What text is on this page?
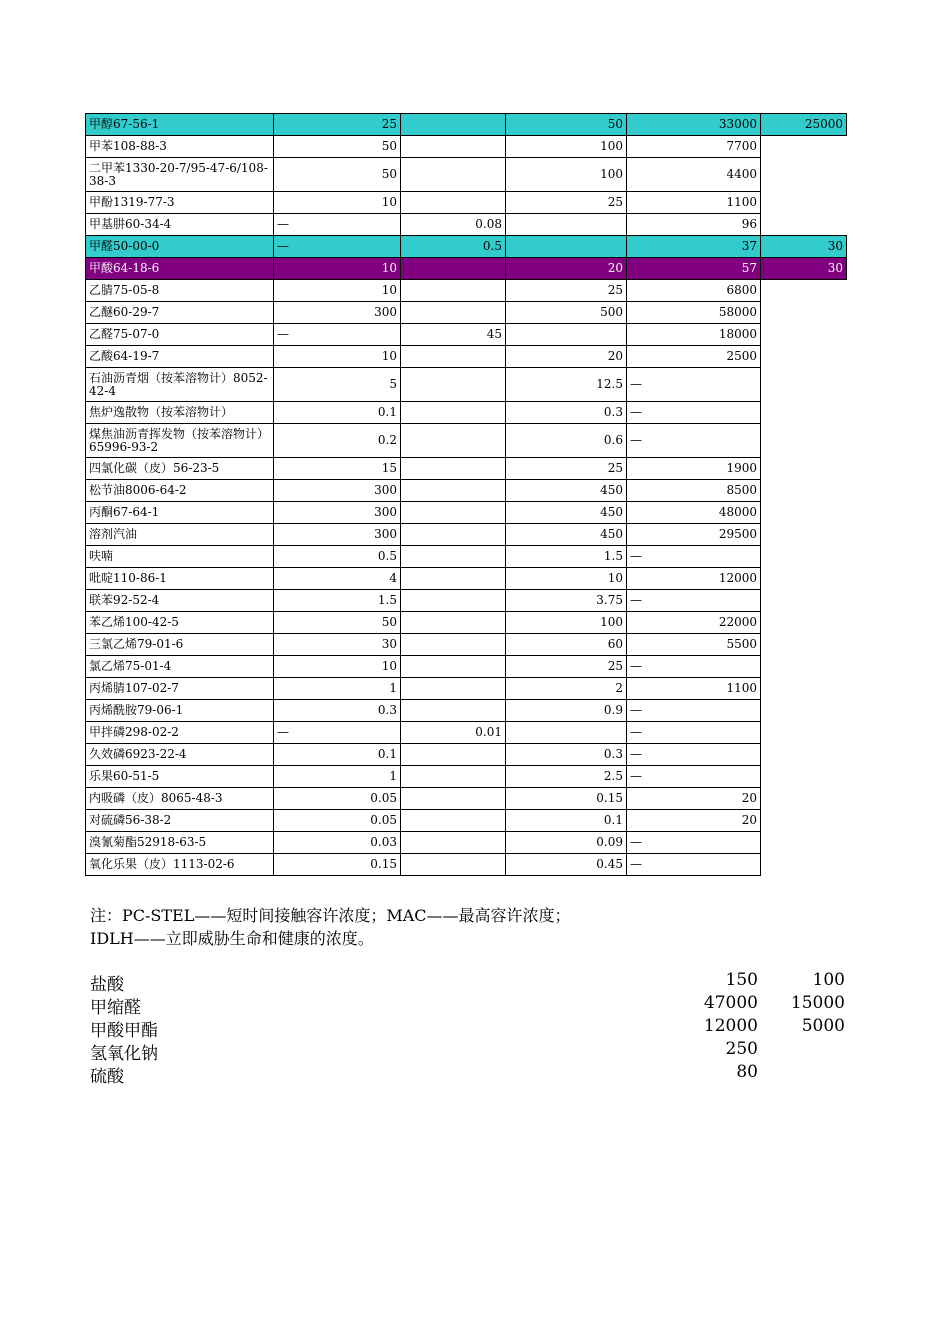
甲醇67-56-1	25		50	33000	25000
甲苯108-88-3	50		100	7700	
二甲苯1330-20-7/95-47-6/108-38-3	50		100	4400	
甲酚1319-77-3	10		25	1100	
甲基肼60-34-4	—	0.08		96	
甲醛50-00-0	—	0.5		37	30
甲酸64-18-6	10		20	57	30
乙腈75-05-8	10		25	6800	
乙醚60-29-7	300		500	58000	
乙醛75-07-0	—	45		18000	
乙酸64-19-7	10		20	2500	
石油沥青烟（按苯溶物计）8052-42-4	5		12.5	—	
焦炉逸散物（按苯溶物计）	0.1		0.3	—	
煤焦油沥青挥发物（按苯溶物计）65996-93-2	0.2		0.6	—	
四氯化碳（皮）56-23-5	15		25	1900	
松节油8006-64-2	300		450	8500	
丙酮67-64-1	300		450	48000	
溶剂汽油	300		450	29500	
呋喃	0.5		1.5	—	
吡啶110-86-1	4		10	12000	
联苯92-52-4	1.5		3.75	—	
苯乙烯100-42-5	50		100	22000	
三氯乙烯79-01-6	30		60	5500	
氯乙烯75-01-4	10		25	—	
丙烯腈107-02-7	1		2	1100	
丙烯酰胺79-06-1	0.3		0.9	—	
甲拌磷298-02-2	—	0.01		—	
久效磷6923-22-4	0.1		0.3	—	
乐果60-51-5	1		2.5	—	
内吸磷（皮）8065-48-3	0.05		0.15	20	
对硫磷56-38-2	0.05		0.1	20	
溴氰菊酯52918-63-5	0.03		0.09	—	
氧化乐果（皮）1113-02-6	0.15		0.45	—	
注：PC-STEL——短时间接触容许浓度；MAC——最高容许浓度；
IDLH——立即威胁生命和健康的浓度。
盐酸	150	100
甲缩醛	47000	15000
甲酸甲酯	12000	5000
氢氧化钠	250
硫酸	80
